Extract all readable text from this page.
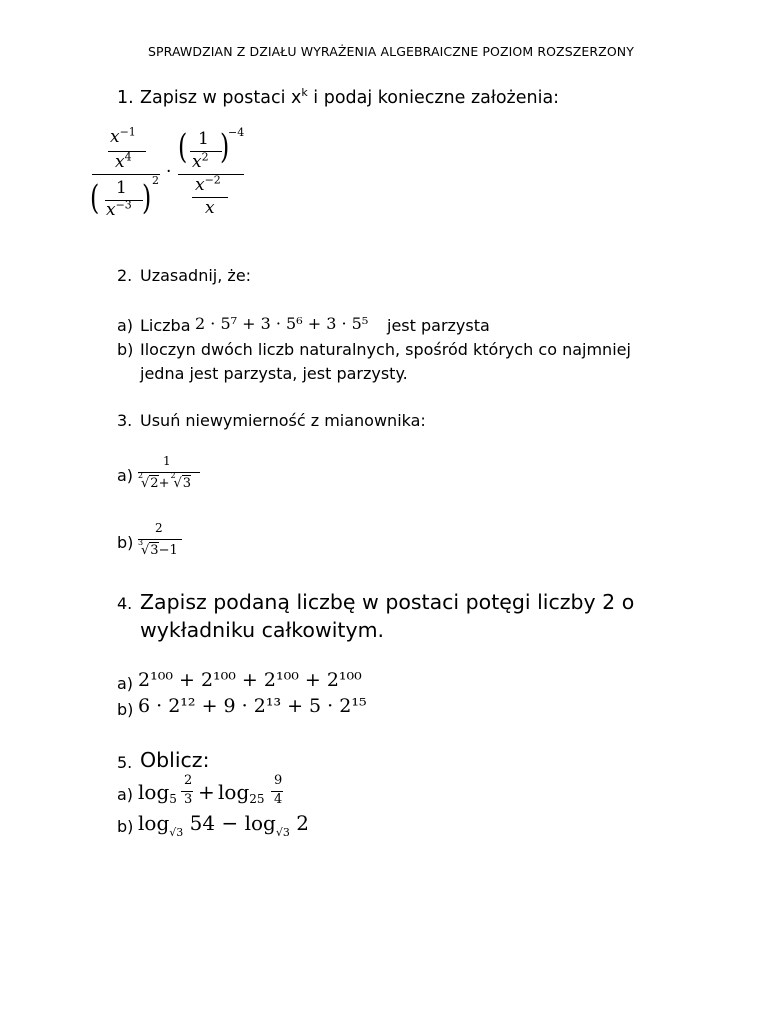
SPRAWDZIAN Z DZIAŁU WYRAŻENIA ALGEBRAICZNE POZIOM ROZSZERZONY
1. Zapisz w postaci $x^k$ i podaj konieczne założenia:
$x^{-1}$
$x^4$
( 1
$x^{-3}$ ) 2 ·
( 1
$x^2$ )
−4
$x^{-2}$
x
2. Uzasadnij, że:
a) Liczba 2 · 5⁷ + 3 · 5⁶ + 3 · 5⁵ jest parzysta
b) Iloczyn dwóch liczb naturalnych, spośród których co najmniej
jedna jest parzysta, jest parzysty.
3. Usuń niewymierność z mianownika:
a)
1
2
√2+
2
√3
b)
2
3
√3−1
4. Zapisz podaną liczbę w postaci potęgi liczby 2 o
wykładniku całkowitym.
a) 2¹⁰⁰ + 2¹⁰⁰ + 2¹⁰⁰ + 2¹⁰⁰
b) 6 · 2¹² + 9 · 2¹³ + 5 · 2¹⁵
5. Oblicz:
a) $\log_5$
2
$3 + \log_{25}$
9
4
b) $\log_{√3} 54 - \log_{√3} 2$
